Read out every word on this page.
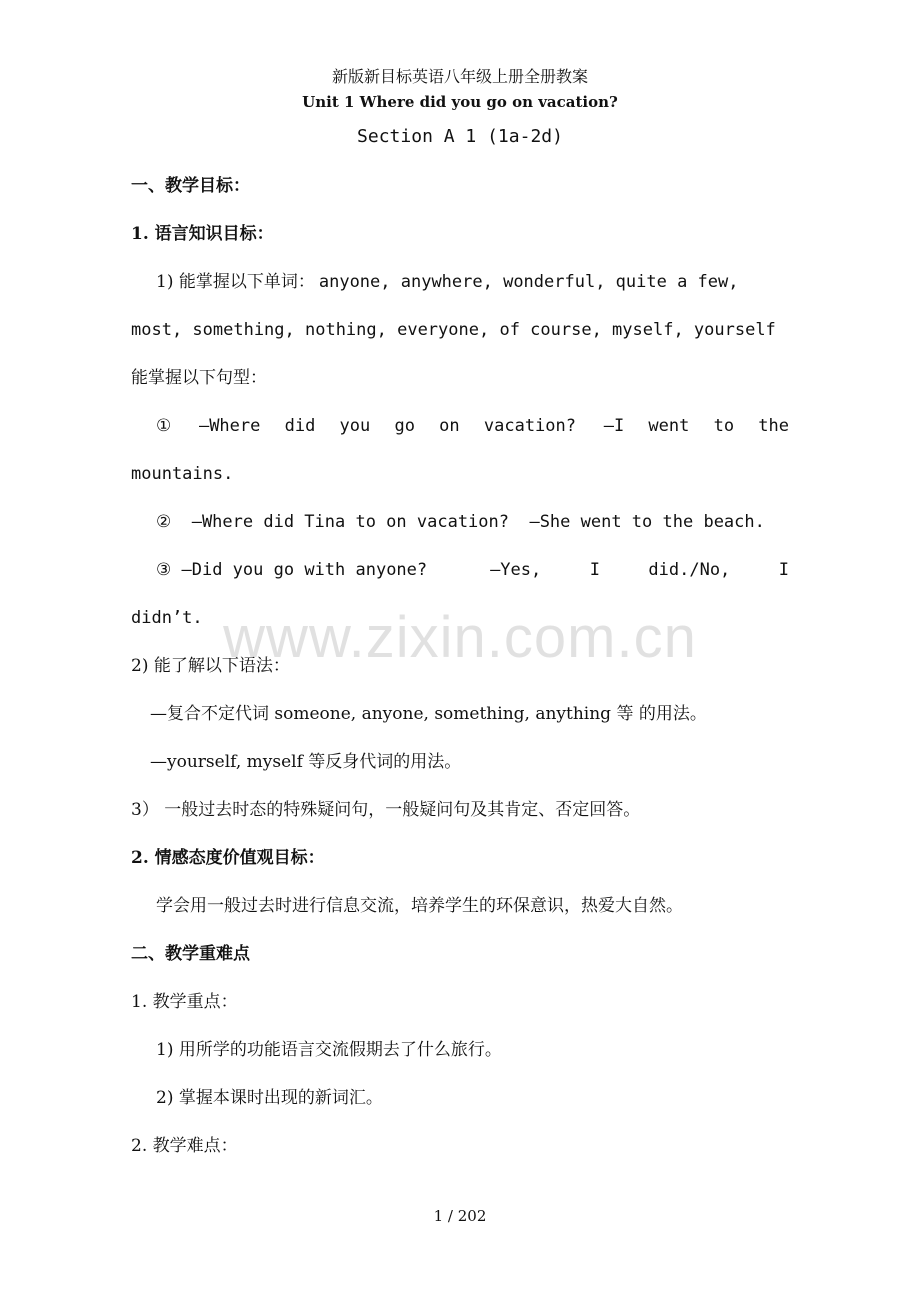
新版新目标英语八年级上册全册教案
Unit 1 Where did you go on vacation?
Section A 1 (1a-2d)
一、教学目标：
1. 语言知识目标：
1) 能掌握以下单词： anyone, anywhere, wonderful, quite a few,
most, something, nothing, everyone, of course, myself, yourself
能掌握以下句型：
① —Where did you go on vacation? —I went to the
mountains.
②  —Where did Tina to on vacation?  —She went to the beach.
③ —Did you go with anyone?	—Yes,  I  did./No,  I
didn’t.
2) 能了解以下语法：
—复合不定代词 someone, anyone, something, anything 等 的用法。
—yourself, myself 等反身代词的用法。
3） 一般过去时态的特殊疑问句，一般疑问句及其肯定、否定回答。
2. 情感态度价值观目标：
学会用一般过去时进行信息交流，培养学生的环保意识，热爱大自然。
二、教学重难点
1. 教学重点：
1) 用所学的功能语言交流假期去了什么旅行。
2) 掌握本课时出现的新词汇。
2. 教学难点：
www.zixin.com.cn
1 / 202
